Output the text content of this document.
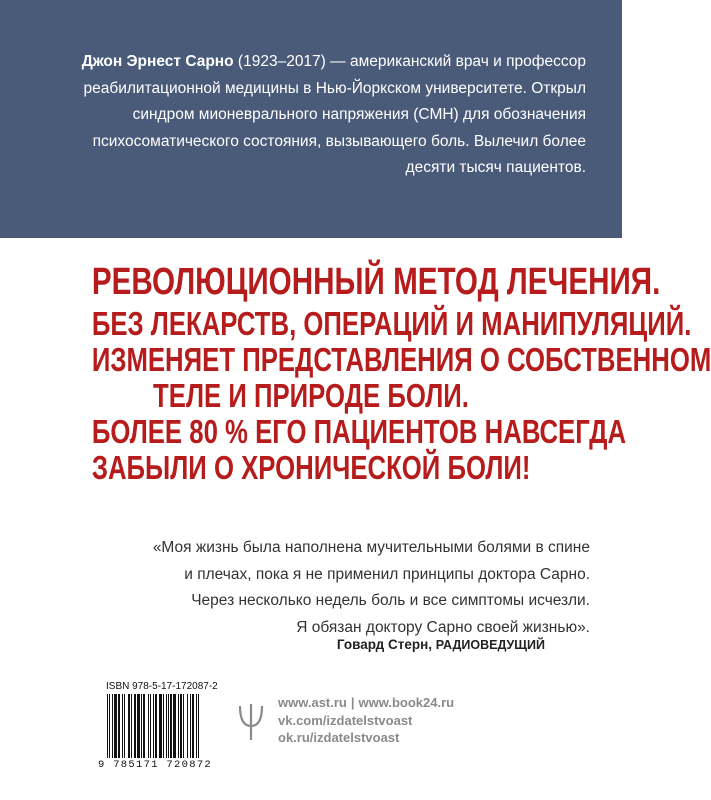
Джон Эрнест Сарно (1923–2017) — американский врач и профессор реабилитационной медицины в Нью-Йоркском университете. Открыл синдром мионеврального напряжения (СМН) для обозначения психосоматического состояния, вызывающего боль. Вылечил более десяти тысяч пациентов.
РЕВОЛЮЦИОННЫЙ МЕТОД ЛЕЧЕНИЯ.
БЕЗ ЛЕКАРСТВ, ОПЕРАЦИЙ И МАНИПУЛЯЦИЙ.
ИЗМЕНЯЕТ ПРЕДСТАВЛЕНИЯ О СОБСТВЕННОМ
ТЕЛЕ И ПРИРОДЕ БОЛИ.
БОЛЕЕ 80 % ЕГО ПАЦИЕНТОВ НАВСЕГДА
ЗАБЫЛИ О ХРОНИЧЕСКОЙ БОЛИ!
«Моя жизнь была наполнена мучительными болями в спине
и плечах, пока я не применил принципы доктора Сарно.
Через несколько недель боль и все симптомы исчезли.
Я обязан доктору Сарно своей жизнью».
Говард Стерн, РАДИОВЕДУЩИЙ
ISBN 978-5-17-172087-2
9 785171 720872
www.ast.ru | www.book24.ru
vk.com/izdatelstvoast
ok.ru/izdatelstvoast
